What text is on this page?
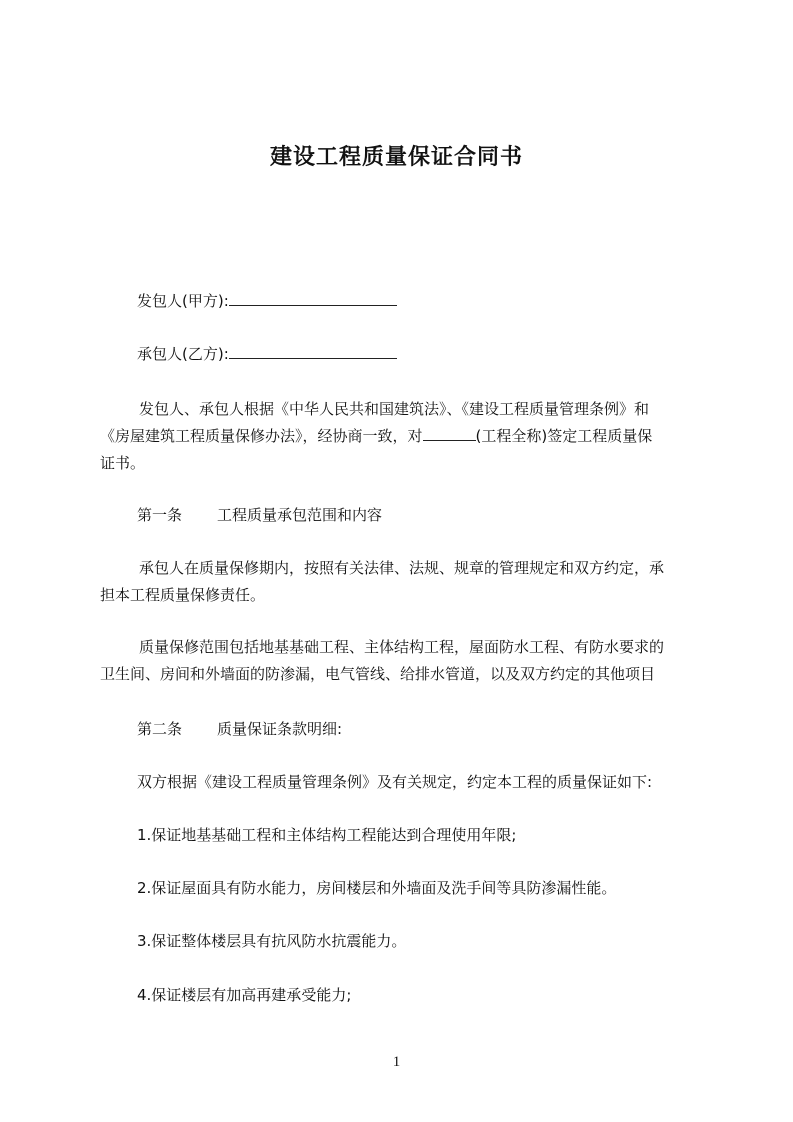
建设工程质量保证合同书
发包人(甲方):
承包人(乙方):
发包人、承包人根据《中华人民共和国建筑法》、《建设工程质量管理条例》和
《房屋建筑工程质量保修办法》，经协商一致，对	(工程全称)签定工程质量保
证书。
第一条 工程质量承包范围和内容
承包人在质量保修期内，按照有关法律、法规、规章的管理规定和双方约定，承
担本工程质量保修责任。
质量保修范围包括地基基础工程、主体结构工程，屋面防水工程、有防水要求的
卫生间、房间和外墙面的防渗漏，电气管线、给排水管道，以及双方约定的其他项目
第二条 质量保证条款明细:
双方根据《建设工程质量管理条例》及有关规定，约定本工程的质量保证如下:
1.保证地基基础工程和主体结构工程能达到合理使用年限;
2.保证屋面具有防水能力，房间楼层和外墙面及洗手间等具防渗漏性能。
3.保证整体楼层具有抗风防水抗震能力。
4.保证楼层有加高再建承受能力;
1
